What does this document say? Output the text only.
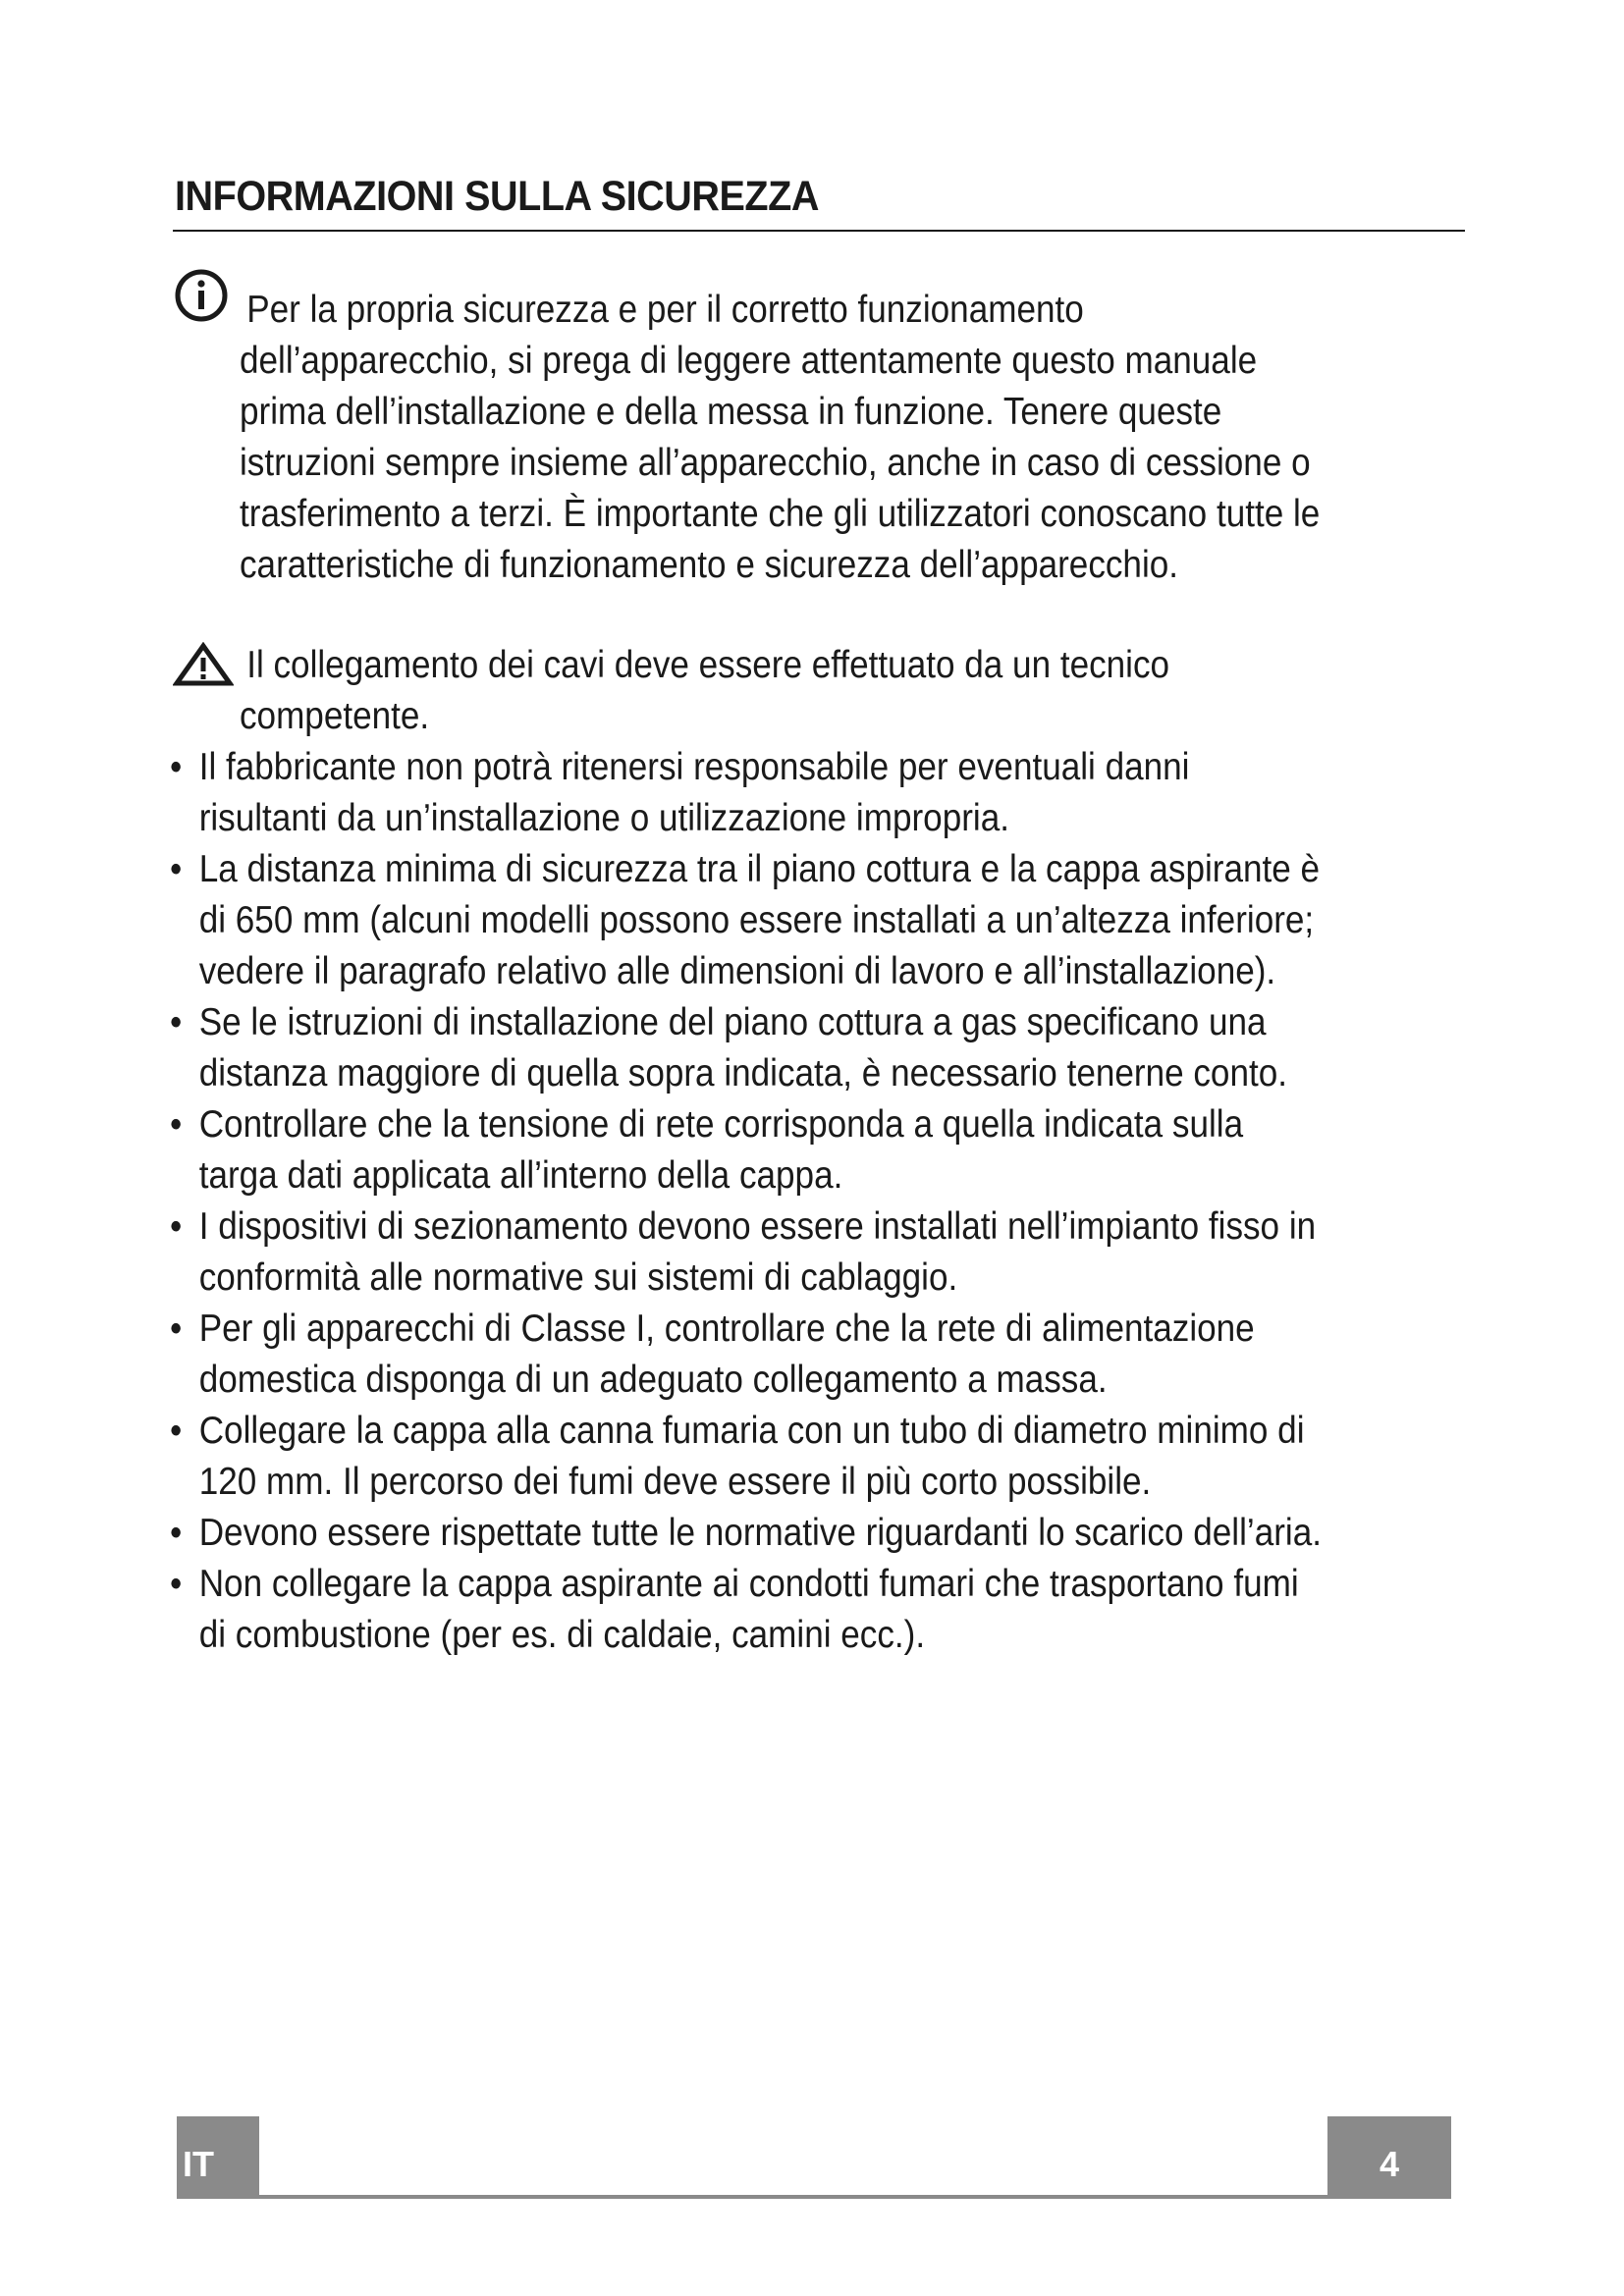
INFORMAZIONI SULLA SICUREZZA
Per la propria sicurezza e per il corretto funzionamento
dell’apparecchio, si prega di leggere attentamente questo manuale
prima dell’installazione e della messa in funzione. Tenere queste
istruzioni sempre insieme all’apparecchio, anche in caso di cessione o
trasferimento a terzi. È importante che gli utilizzatori conoscano tutte le
caratteristiche di funzionamento e sicurezza dell’apparecchio.
Il collegamento dei cavi deve essere effettuato da un tecnico
competente.
• Il fabbricante non potrà ritenersi responsabile per eventuali danni
risultanti da un’installazione o utilizzazione impropria.
• La distanza minima di sicurezza tra il piano cottura e la cappa aspirante è
di 650 mm (alcuni modelli possono essere installati a un’altezza inferiore;
vedere il paragrafo relativo alle dimensioni di lavoro e all’installazione).
• Se le istruzioni di installazione del piano cottura a gas specificano una
distanza maggiore di quella sopra indicata, è necessario tenerne conto.
• Controllare che la tensione di rete corrisponda a quella indicata sulla
targa dati applicata all’interno della cappa.
• I dispositivi di sezionamento devono essere installati nell’impianto fisso in
conformità alle normative sui sistemi di cablaggio.
• Per gli apparecchi di Classe I, controllare che la rete di alimentazione
domestica disponga di un adeguato collegamento a massa.
• Collegare la cappa alla canna fumaria con un tubo di diametro minimo di
120 mm. Il percorso dei fumi deve essere il più corto possibile.
• Devono essere rispettate tutte le normative riguardanti lo scarico dell’aria.
• Non collegare la cappa aspirante ai condotti fumari che trasportano fumi
di combustione (per es. di caldaie, camini ecc.).
IT	4
